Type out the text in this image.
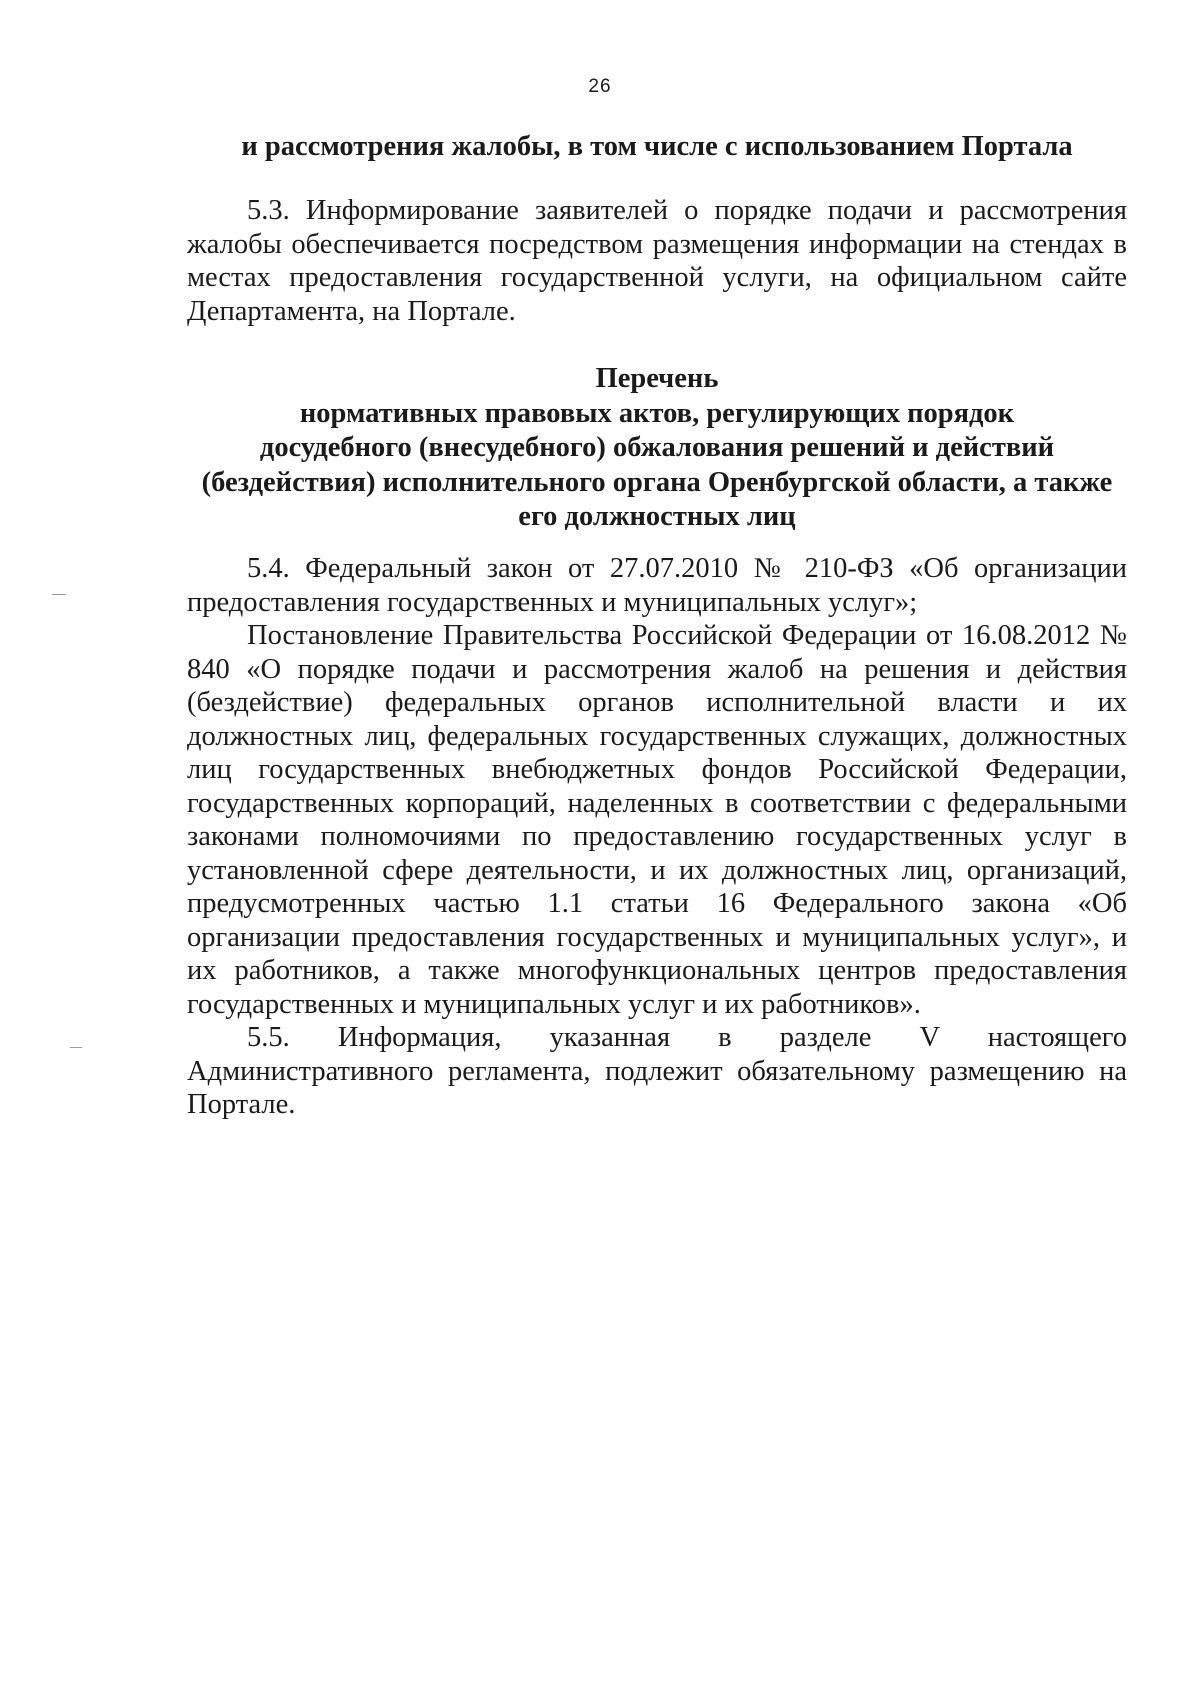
26
и рассмотрения жалобы, в том числе с использованием Портала

5.3. Информирование заявителей о порядке подачи и рассмотрения жалобы обеспечивается посредством размещения информации на стендах в местах предоставления государственной услуги, на официальном сайте Департамента, на Портале.

Перечень
нормативных правовых актов, регулирующих порядок
досудебного (внесудебного) обжалования решений и действий
(бездействия) исполнительного органа Оренбургской области, а также
его должностных лиц

5.4. Федеральный закон от 27.07.2010 № 210-ФЗ «Об организации предоставления государственных и муниципальных услуг»;

Постановление Правительства Российской Федерации от 16.08.2012 № 840 «О порядке подачи и рассмотрения жалоб на решения и действия (бездействие) федеральных органов исполнительной власти и их должностных лиц, федеральных государственных служащих, должностных лиц государственных внебюджетных фондов Российской Федерации, государственных корпораций, наделенных в соответствии с федеральными законами полномочиями по предоставлению государственных услуг в установленной сфере деятельности, и их должностных лиц, организаций, предусмотренных частью 1.1 статьи 16 Федерального закона «Об организации предоставления государственных и муниципальных услуг», и их работников, а также многофункциональных центров предоставления государственных и муниципальных услуг и их работников».

5.5. Информация, указанная в разделе V настоящего Административного регламента, подлежит обязательному размещению на Портале.
